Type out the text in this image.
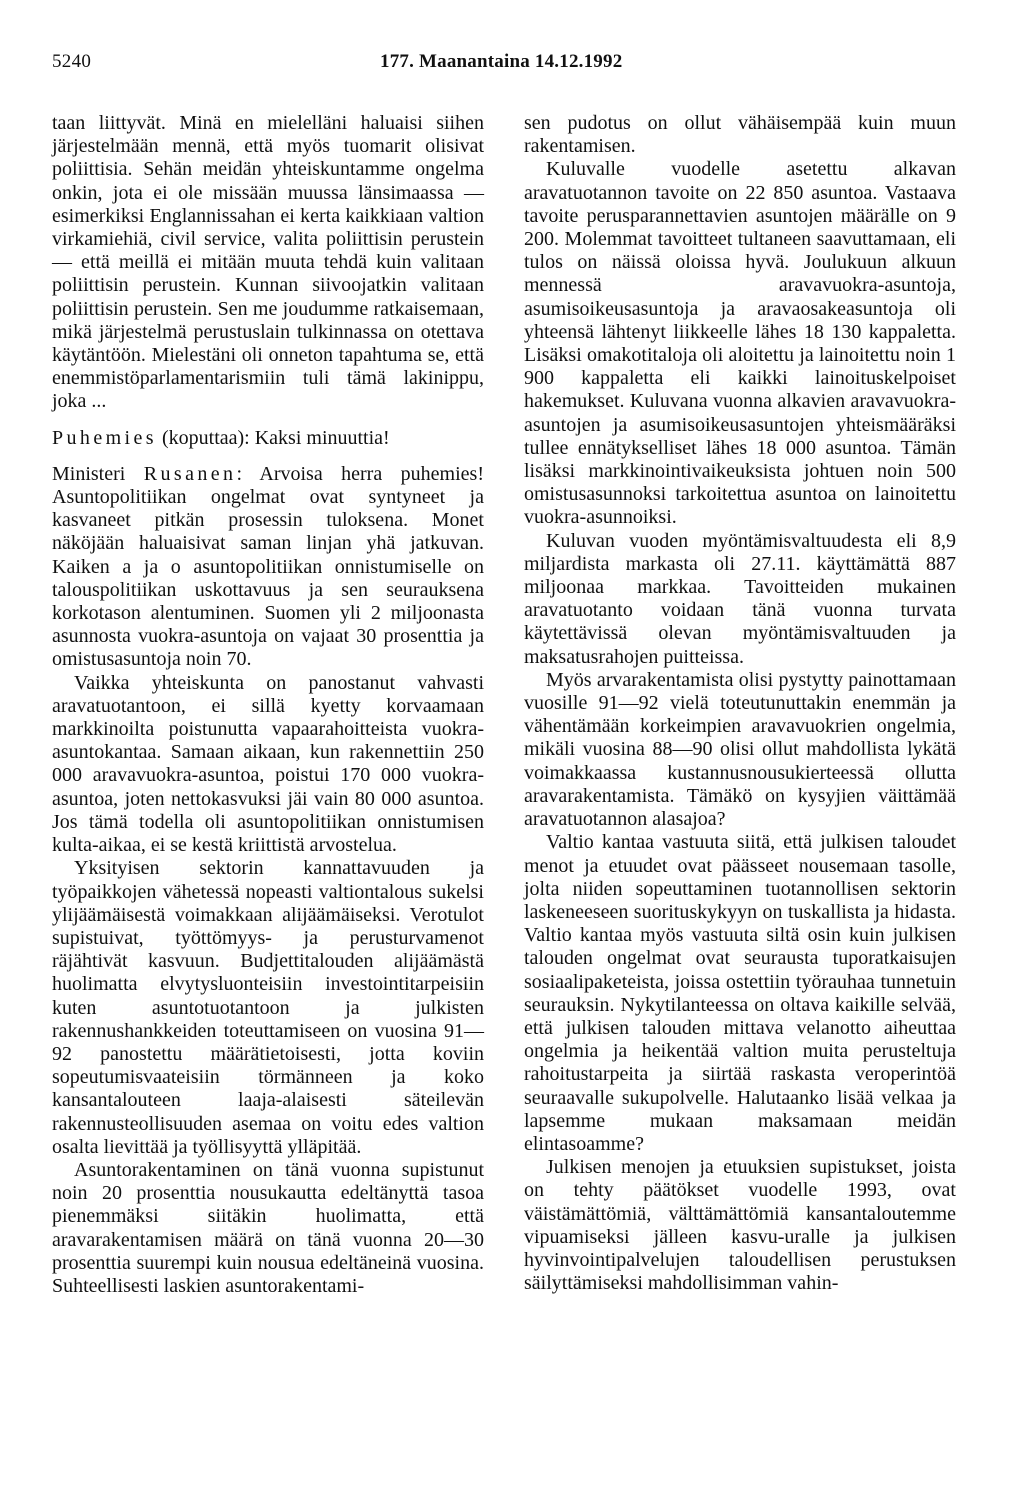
5240	177. Maanantaina 14.12.1992

taan liittyvät. Minä en mielelläni haluaisi siihen järjestelmään mennä, että myös tuomarit olisivat poliittisia. Sehän meidän yhteiskuntamme ongelma onkin, jota ei ole missään muussa länsimaassa — esimerkiksi Englannissahan ei kerta kaikkiaan valtion virkamiehiä, civil service, valita poliittisin perustein — että meillä ei mitään muuta tehdä kuin valitaan poliittisin perustein. Kunnan siivoojatkin valitaan poliittisin perustein. Sen me joudumme ratkaisemaan, mikä järjestelmä perustuslain tulkinnassa on otettava käytäntöön. Mielestäni oli onneton tapahtuma se, että enemmistöparlamentarismiin tuli tämä lakinippu, joka ...

Puhemies (koputtaa): Kaksi minuuttia!

Ministeri Rusanen: Arvoisa herra puhemies! Asuntopolitiikan ongelmat ovat syntyneet ja kasvaneet pitkän prosessin tuloksena. Monet näköjään haluaisivat saman linjan yhä jatkuvan. Kaiken a ja o asuntopolitiikan onnistumiselle on talouspolitiikan uskottavuus ja sen seurauksena korkotason alentuminen. Suomen yli 2 miljoonasta asunnosta vuokra-asuntoja on vajaat 30 prosenttia ja omistusasuntoja noin 70.

Vaikka yhteiskunta on panostanut vahvasti aravatuotantoon, ei sillä kyetty korvaamaan markkinoilta poistunutta vapaarahoitteista vuokra-asuntokantaa. Samaan aikaan, kun rakennettiin 250 000 aravavuokra-asuntoa, poistui 170 000 vuokra-asuntoa, joten nettokasvuksi jäi vain 80 000 asuntoa. Jos tämä todella oli asuntopolitiikan onnistumisen kulta-aikaa, ei se kestä kriittistä arvostelua.

Yksityisen sektorin kannattavuuden ja työpaikkojen vähetessä nopeasti valtiontalous sukelsi ylijäämäisestä voimakkaan alijäämäiseksi. Verotulot supistuivat, työttömyys- ja perusturvamenot räjähtivät kasvuun. Budjettitalouden alijäämästä huolimatta elvytysluonteisiin investointitarpeisiin kuten asuntotuotantoon ja julkisten rakennushankkeiden toteuttamiseen on vuosina 91—92 panostettu määrätietoisesti, jotta koviin sopeutumisvaateisiin törmänneen ja koko kansantalouteen laaja-alaisesti säteilevän rakennusteollisuuden asemaa on voitu edes valtion osalta lievittää ja työllisyyttä ylläpitää.

Asuntorakentaminen on tänä vuonna supistunut noin 20 prosenttia nousukautta edeltänyttä tasoa pienemmäksi siitäkin huolimatta, että aravarakentamisen määrä on tänä vuonna 20—30 prosenttia suurempi kuin nousua edeltäneinä vuosina. Suhteellisesti laskien asuntorakentami-

sen pudotus on ollut vähäisempää kuin muun rakentamisen.

Kuluvalle vuodelle asetettu alkavan aravatuotannon tavoite on 22 850 asuntoa. Vastaava tavoite perusparannettavien asuntojen määrälle on 9 200. Molemmat tavoitteet tultaneen saavuttamaan, eli tulos on näissä oloissa hyvä. Joulukuun alkuun mennessä aravavuokra-asuntoja, asumisoikeusasuntoja ja aravaosakeasuntoja oli yhteensä lähtenyt liikkeelle lähes 18 130 kappaletta. Lisäksi omakotitaloja oli aloitettu ja lainoitettu noin 1 900 kappaletta eli kaikki lainoituskelpoiset hakemukset. Kuluvana vuonna alkavien aravavuokra-asuntojen ja asumisoikeusasuntojen yhteismääräksi tullee ennätykselliset lähes 18 000 asuntoa. Tämän lisäksi markkinointivaikeuksista johtuen noin 500 omistusasunnoksi tarkoitettua asuntoa on lainoitettu vuokra-asunnoiksi.

Kuluvan vuoden myöntämisvaltuudesta eli 8,9 miljardista markasta oli 27.11. käyttämättä 887 miljoonaa markkaa. Tavoitteiden mukainen aravatuotanto voidaan tänä vuonna turvata käytettävissä olevan myöntämisvaltuuden ja maksatusrahojen puitteissa.

Myös arvarakentamista olisi pystytty painottamaan vuosille 91—92 vielä toteutunuttakin enemmän ja vähentämään korkeimpien aravavuokrien ongelmia, mikäli vuosina 88—90 olisi ollut mahdollista lykätä voimakkaassa kustannusnousukierteessä ollutta aravarakentamista. Tämäkö on kysyjien väittämää aravatuotannon alasajoa?

Valtio kantaa vastuuta siitä, että julkisen taloudet menot ja etuudet ovat päässeet nousemaan tasolle, jolta niiden sopeuttaminen tuotannollisen sektorin laskeneeseen suorituskykyyn on tuskallista ja hidasta. Valtio kantaa myös vastuuta siltä osin kuin julkisen talouden ongelmat ovat seurausta tuporatkaisujen sosiaalipaketeista, joissa ostettiin työrauhaa tunnetuin seurauksin. Nykytilanteessa on oltava kaikille selvää, että julkisen talouden mittava velanotto aiheuttaa ongelmia ja heikentää valtion muita perusteltuja rahoitustarpeita ja siirtää raskasta veroperintöä seuraavalle sukupolvelle. Halutaanko lisää velkaa ja lapsemme mukaan maksamaan meidän elintasoamme?

Julkisen menojen ja etuuksien supistukset, joista on tehty päätökset vuodelle 1993, ovat väistämättömiä, välttämättömiä kansantaloutemme vipuamiseksi jälleen kasvu-uralle ja julkisen hyvinvointipalvelujen taloudellisen perustuksen säilyttämiseksi mahdollisimman vahin-
